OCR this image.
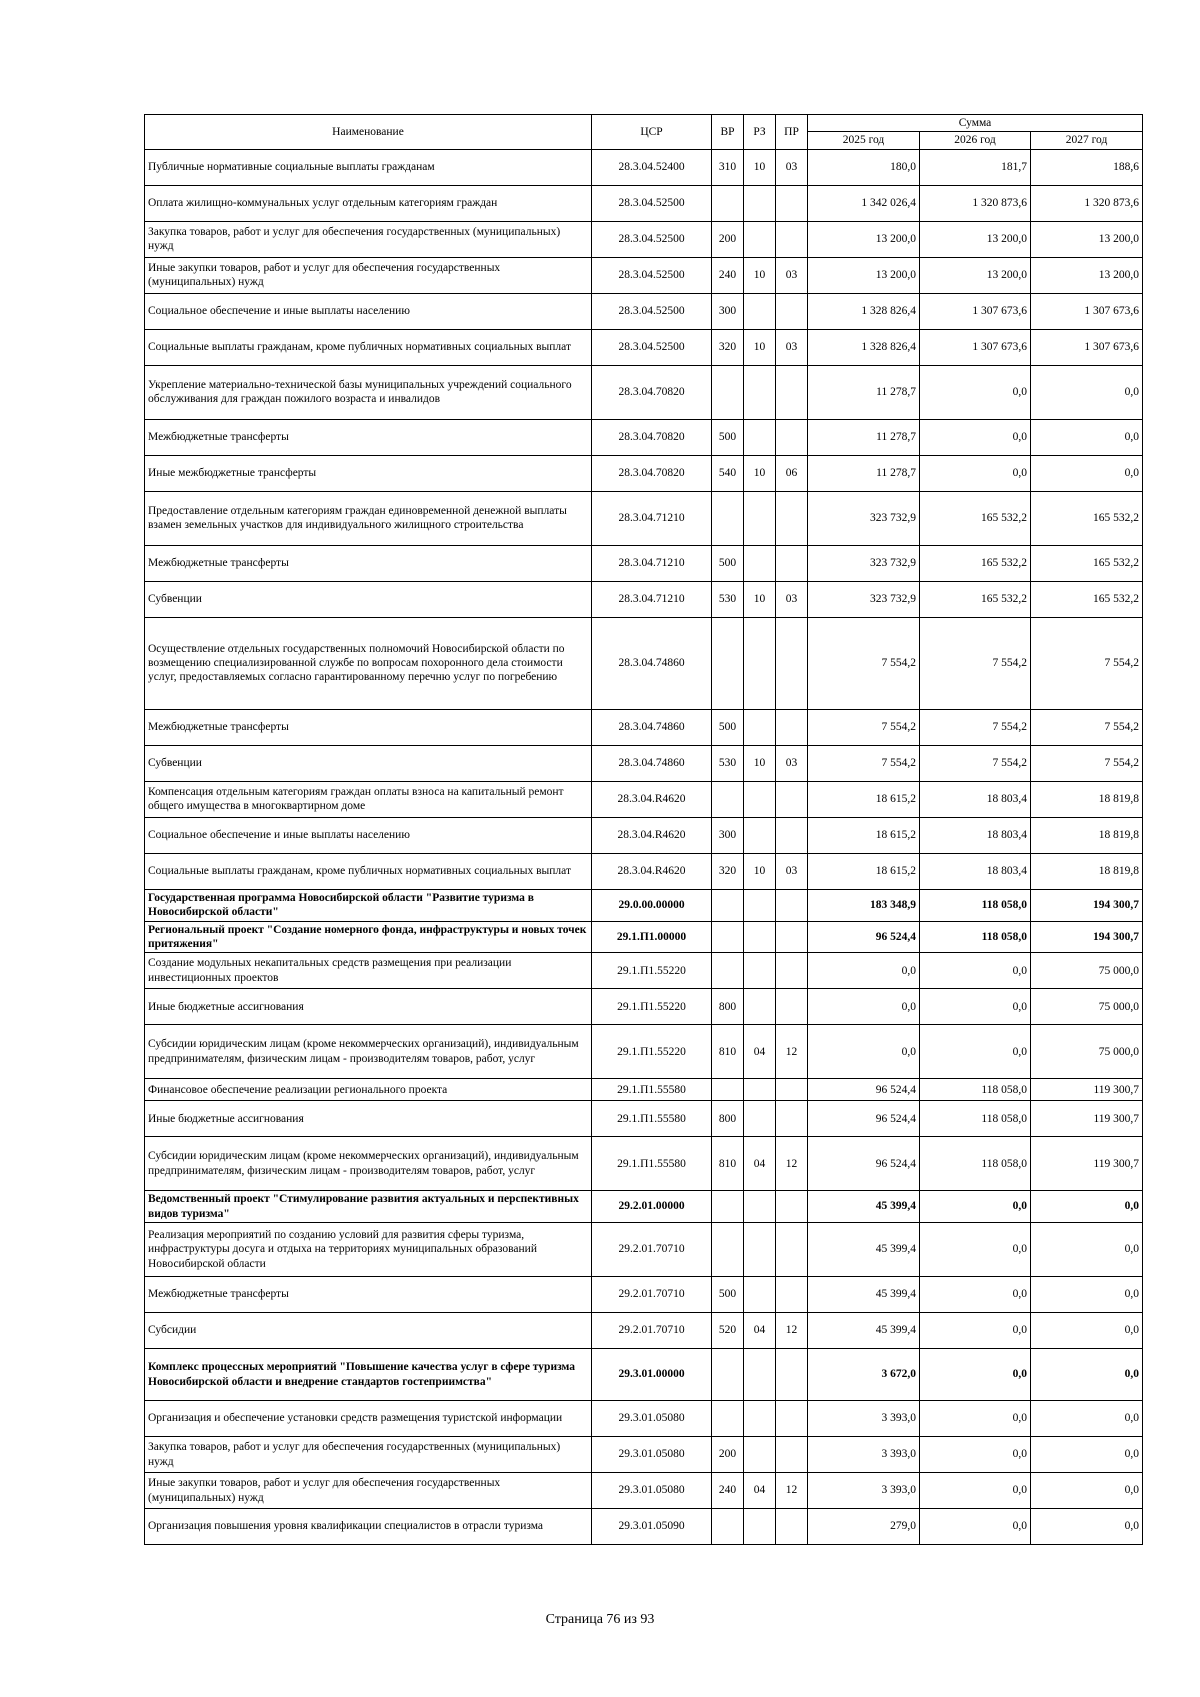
Наименование	ЦСР	ВР	РЗ	ПР	Сумма		
					2025 год	2026 год	2027 год
Публичные нормативные социальные выплаты гражданам	28.3.04.52400	310	10	03	180,0	181,7	188,6
Оплата жилищно-коммунальных услуг отдельным категориям граждан	28.3.04.52500				1 342 026,4	1 320 873,6	1 320 873,6
Закупка товаров, работ и услуг для обеспечения государственных (муниципальных) нужд	28.3.04.52500	200			13 200,0	13 200,0	13 200,0
Иные закупки товаров, работ и услуг для обеспечения государственных (муниципальных) нужд	28.3.04.52500	240	10	03	13 200,0	13 200,0	13 200,0
Социальное обеспечение и иные выплаты населению	28.3.04.52500	300			1 328 826,4	1 307 673,6	1 307 673,6
Социальные выплаты гражданам, кроме публичных нормативных социальных выплат	28.3.04.52500	320	10	03	1 328 826,4	1 307 673,6	1 307 673,6
Укрепление материально-технической базы муниципальных учреждений социального обслуживания для граждан пожилого возраста и инвалидов	28.3.04.70820				11 278,7	0,0	0,0
Межбюджетные трансферты	28.3.04.70820	500			11 278,7	0,0	0,0
Иные межбюджетные трансферты	28.3.04.70820	540	10	06	11 278,7	0,0	0,0
Предоставление отдельным категориям граждан единовременной денежной выплаты взамен земельных участков для индивидуального жилищного строительства	28.3.04.71210				323 732,9	165 532,2	165 532,2
Межбюджетные трансферты	28.3.04.71210	500			323 732,9	165 532,2	165 532,2
Субвенции	28.3.04.71210	530	10	03	323 732,9	165 532,2	165 532,2
Осуществление отдельных государственных полномочий Новосибирской области по возмещению специализированной службе по вопросам похоронного дела стоимости услуг, предоставляемых согласно гарантированному перечню услуг по погребению	28.3.04.74860				7 554,2	7 554,2	7 554,2
Межбюджетные трансферты	28.3.04.74860	500			7 554,2	7 554,2	7 554,2
Субвенции	28.3.04.74860	530	10	03	7 554,2	7 554,2	7 554,2
Компенсация отдельным категориям граждан оплаты взноса на капитальный ремонт общего имущества в многоквартирном доме	28.3.04.R4620				18 615,2	18 803,4	18 819,8
Социальное обеспечение и иные выплаты населению	28.3.04.R4620	300			18 615,2	18 803,4	18 819,8
Социальные выплаты гражданам, кроме публичных нормативных социальных выплат	28.3.04.R4620	320	10	03	18 615,2	18 803,4	18 819,8
Государственная программа Новосибирской области "Развитие туризма в Новосибирской области"	29.0.00.00000				183 348,9	118 058,0	194 300,7
Региональный проект "Создание номерного фонда, инфраструктуры и новых точек притяжения"	29.1.П1.00000				96 524,4	118 058,0	194 300,7
Создание модульных некапитальных средств размещения при реализации инвестиционных проектов	29.1.П1.55220				0,0	0,0	75 000,0
Иные бюджетные ассигнования	29.1.П1.55220	800			0,0	0,0	75 000,0
Субсидии юридическим лицам (кроме некоммерческих организаций), индивидуальным предпринимателям, физическим лицам - производителям товаров, работ, услуг	29.1.П1.55220	810	04	12	0,0	0,0	75 000,0
Финансовое обеспечение реализации регионального проекта	29.1.П1.55580				96 524,4	118 058,0	119 300,7
Иные бюджетные ассигнования	29.1.П1.55580	800			96 524,4	118 058,0	119 300,7
Субсидии юридическим лицам (кроме некоммерческих организаций), индивидуальным предпринимателям, физическим лицам - производителям товаров, работ, услуг	29.1.П1.55580	810	04	12	96 524,4	118 058,0	119 300,7
Ведомственный проект "Стимулирование развития актуальных и перспективных видов туризма"	29.2.01.00000				45 399,4	0,0	0,0
Реализация мероприятий по созданию условий для развития сферы туризма, инфраструктуры досуга и отдыха на территориях муниципальных образований Новосибирской области	29.2.01.70710				45 399,4	0,0	0,0
Межбюджетные трансферты	29.2.01.70710	500			45 399,4	0,0	0,0
Субсидии	29.2.01.70710	520	04	12	45 399,4	0,0	0,0
Комплекс процессных мероприятий "Повышение качества услуг в сфере туризма Новосибирской области и внедрение стандартов гостеприимства"	29.3.01.00000				3 672,0	0,0	0,0
Организация и обеспечение установки средств размещения туристской информации	29.3.01.05080				3 393,0	0,0	0,0
Закупка товаров, работ и услуг для обеспечения государственных (муниципальных) нужд	29.3.01.05080	200			3 393,0	0,0	0,0
Иные закупки товаров, работ и услуг для обеспечения государственных (муниципальных) нужд	29.3.01.05080	240	04	12	3 393,0	0,0	0,0
Организация повышения уровня квалификации специалистов в отрасли туризма	29.3.01.05090				279,0	0,0	0,0
Страница 76 из 93
